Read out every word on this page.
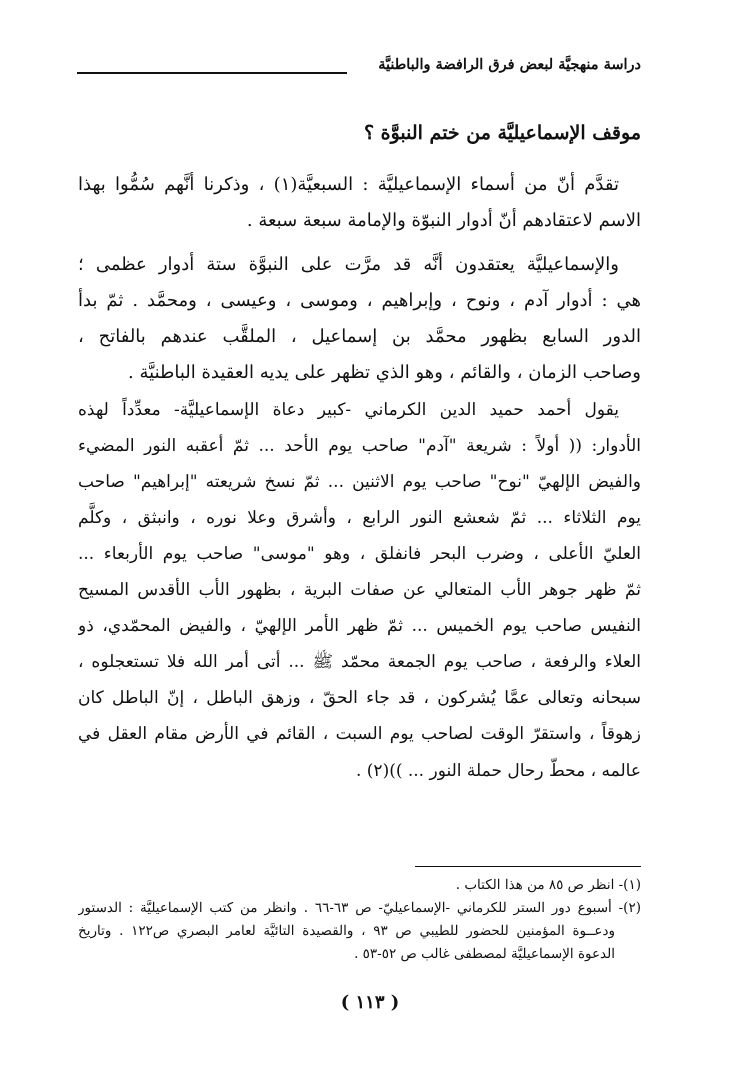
دراسة منهجيَّة لبعض فرق الرافضة والباطنيَّة
موقف الإسماعيليَّة من ختم النبوَّة ؟
تقدَّم أنّ من أسماء الإسماعيليَّة : السبعيَّة(١) ، وذكرنا أنَّهم سُمُّوا بهذا
الاسم لاعتقادهم أنّ أدوار النبوّة والإمامة سبعة سبعة .
والإسماعيليَّة يعتقدون أنَّه قد مرَّت على النبوَّة ستة أدوار عظمى ؛
هي : أدوار آدم ، ونوح ، وإبراهيم ، وموسى ، وعيسى ، ومحمَّد . ثمّ بدأ
الدور السابع بظهور محمَّد بن إسماعيل ، الملقَّب عندهم بالفاتح ،
وصاحب الزمان ، والقائم ، وهو الذي تظهر على يديه العقيدة الباطنيَّة .
يقول أحمد حميد الدين الكرماني -كبير دعاة الإسماعيليَّة- معدِّداً لهذه
الأدوار: (( أولاً : شريعة "آدم" صاحب يوم الأحد ... ثمّ أعقبه النور المضيء
والفيض الإلهيّ "نوح" صاحب يوم الاثنين ... ثمّ نسخ شريعته "إبراهيم" صاحب
يوم الثلاثاء ... ثمّ شعشع النور الرابع ، وأشرق وعلا نوره ، وانبثق ، وكلَّم
العليّ الأعلى ، وضرب البحر فانفلق ، وهو "موسى" صاحب يوم الأربعاء ...
ثمّ ظهر جوهر الأب المتعالي عن صفات البرية ، بظهور الأب الأقدس المسيح
النفيس صاحب يوم الخميس ... ثمّ ظهر الأمر الإلهيّ ، والفيض المحمّدي، ذو
العلاء والرفعة ، صاحب يوم الجمعة محمّد ﷺ ... أتى أمر الله فلا تستعجلوه ،
سبحانه وتعالى عمَّا يُشركون ، قد جاء الحقّ ، وزهق الباطل ، إنّ الباطل كان
زهوقاً ، واستقرّ الوقت لصاحب يوم السبت ، القائم في الأرض مقام العقل في
عالمه ، محطّ رحال حملة النور ... ))(٢) .
(١)- انظر ص ٨٥ من هذا الكتاب .
(٢)- أسبوع دور الستر للكرماني -الإسماعيليّ- ص ٦٣-٦٦ . وانظر من كتب الإسماعيليَّة : الدستور
ودعــوة المؤمنين للحضور للطيبي ص ٩٣ ، والقصيدة التائيَّة لعامر البصري ص١٢٢ . وتاريخ
الدعوة الإسماعيليَّة لمصطفى غالب ص ٥٢-٥٣ .
( ١١٣ )
